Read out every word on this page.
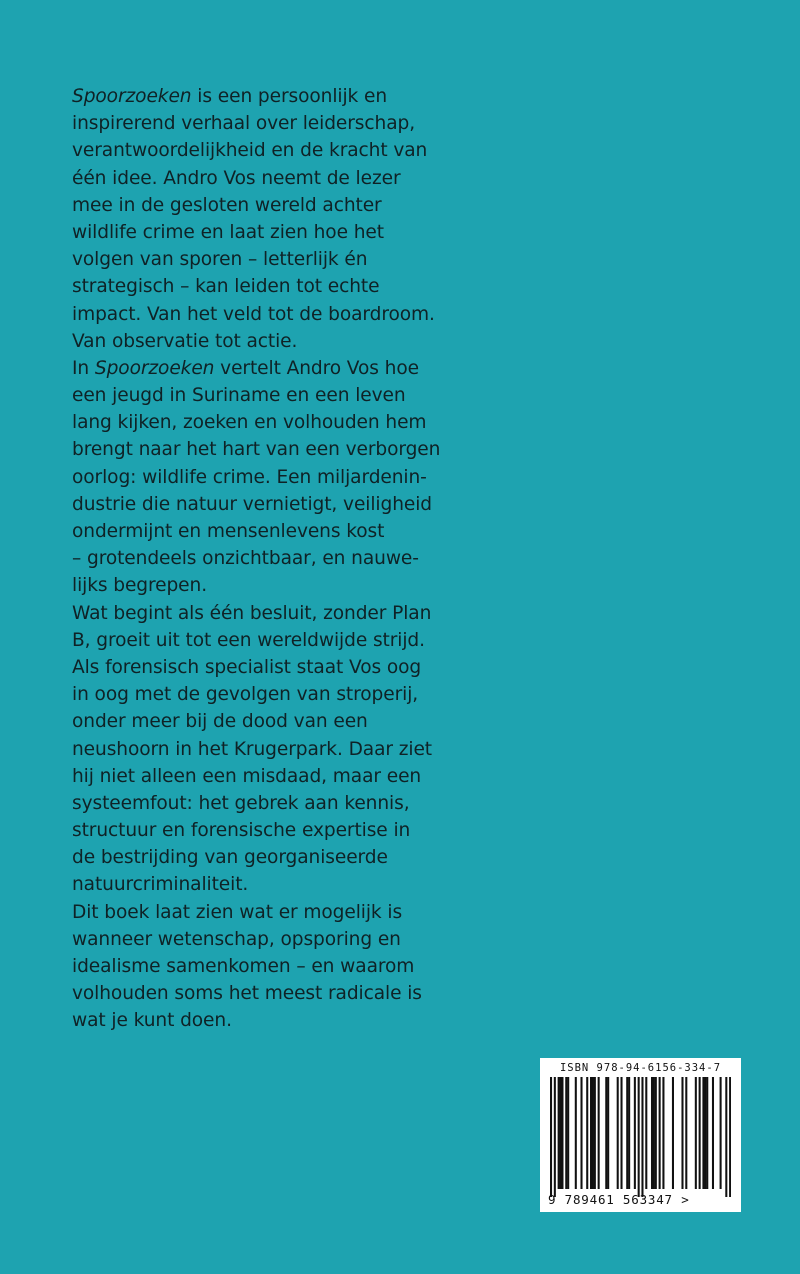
Spoorzoeken is een persoonlijk en
inspirerend verhaal over leiderschap,
verantwoordelijkheid en de kracht van
één idee. Andro Vos neemt de lezer
mee in de gesloten wereld achter
wildlife crime en laat zien hoe het
volgen van sporen – letterlijk én
strategisch – kan leiden tot echte
impact. Van het veld tot de boardroom.
Van observatie tot actie.
In Spoorzoeken vertelt Andro Vos hoe
een jeugd in Suriname en een leven
lang kijken, zoeken en volhouden hem
brengt naar het hart van een verborgen
oorlog: wildlife crime. Een miljardenin-
dustrie die natuur vernietigt, veiligheid
ondermijnt en mensenlevens kost
– grotendeels onzichtbaar, en nauwe-
lijks begrepen.
Wat begint als één besluit, zonder Plan
B, groeit uit tot een wereldwijde strijd.
Als forensisch specialist staat Vos oog
in oog met de gevolgen van stroperij,
onder meer bij de dood van een
neushoorn in het Krugerpark. Daar ziet
hij niet alleen een misdaad, maar een
systeemfout: het gebrek aan kennis,
structuur en forensische expertise in
de bestrijding van georganiseerde
natuurcriminaliteit.
Dit boek laat zien wat er mogelijk is
wanneer wetenschap, opsporing en
idealisme samenkomen – en waarom
volhouden soms het meest radicale is
wat je kunt doen.
ISBN 978-94-6156-334-7
9 789461 563347 >
